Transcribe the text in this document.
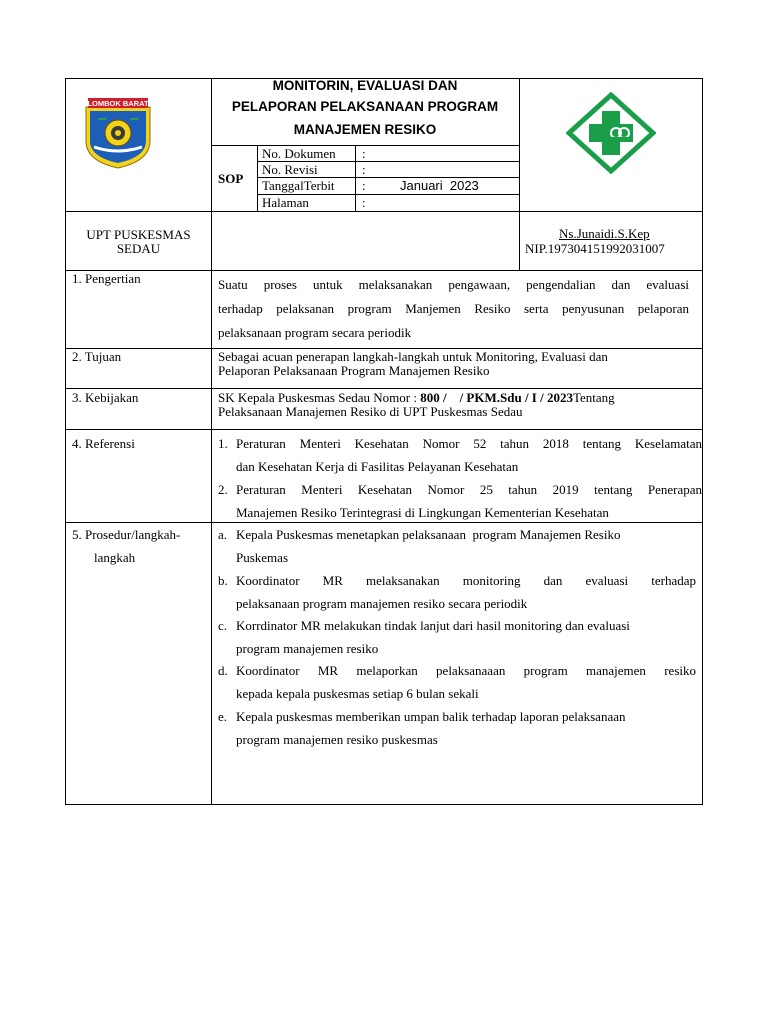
LOMBOK BARAT
MONITORIN, EVALUASI DAN
PELAPORAN PELAKSANAAN PROGRAM
MANAJEMEN RESIKO
SOP
No. Dokumen :
No. Revisi	:
TanggalTerbit :	Januari  2023
Halaman	:
UPT PUSKESMAS
SEDAU
Ns.Junaidi.S.Kep
NIP.197304151992031007
1. Pengertian	Suatu proses untuk melaksanakan pengawaan, pengendalian dan evaluasi
terhadap pelaksanan program Manjemen Resiko serta penyusunan pelaporan
pelaksanaan program secara periodik
2. Tujuan	Sebagai acuan penerapan langkah-langkah untuk Monitoring, Evaluasi dan
Pelaporan Pelaksanaan Program Manajemen Resiko
3. Kebijakan	SK Kepala Puskesmas Sedau Nomor : 800 /    / PKM.Sdu / I / 2023Tentang
Pelaksanaan Manajemen Resiko di UPT Puskesmas Sedau
4. Referensi	1. Peraturan Menteri Kesehatan Nomor 52 tahun 2018 tentang Keselamatan
dan Kesehatan Kerja di Fasilitas Pelayanan Kesehatan
2. Peraturan Menteri Kesehatan Nomor 25 tahun 2019 tentang Penerapan
Manajemen Resiko Terintegrasi di Lingkungan Kementerian Kesehatan
5. Prosedur/langkah-
langkah
a. Kepala Puskesmas menetapkan pelaksanaan  program Manajemen Resiko
Puskemas
b. Koordinator MR melaksanakan monitoring dan evaluasi terhadap
pelaksanaan program manajemen resiko secara periodik
c. Korrdinator MR melakukan tindak lanjut dari hasil monitoring dan evaluasi
program manajemen resiko
d. Koordinator MR melaporkan pelaksanaaan program manajemen resiko
kepada kepala puskesmas setiap 6 bulan sekali
e. Kepala puskesmas memberikan umpan balik terhadap laporan pelaksanaan
program manajemen resiko puskesmas
